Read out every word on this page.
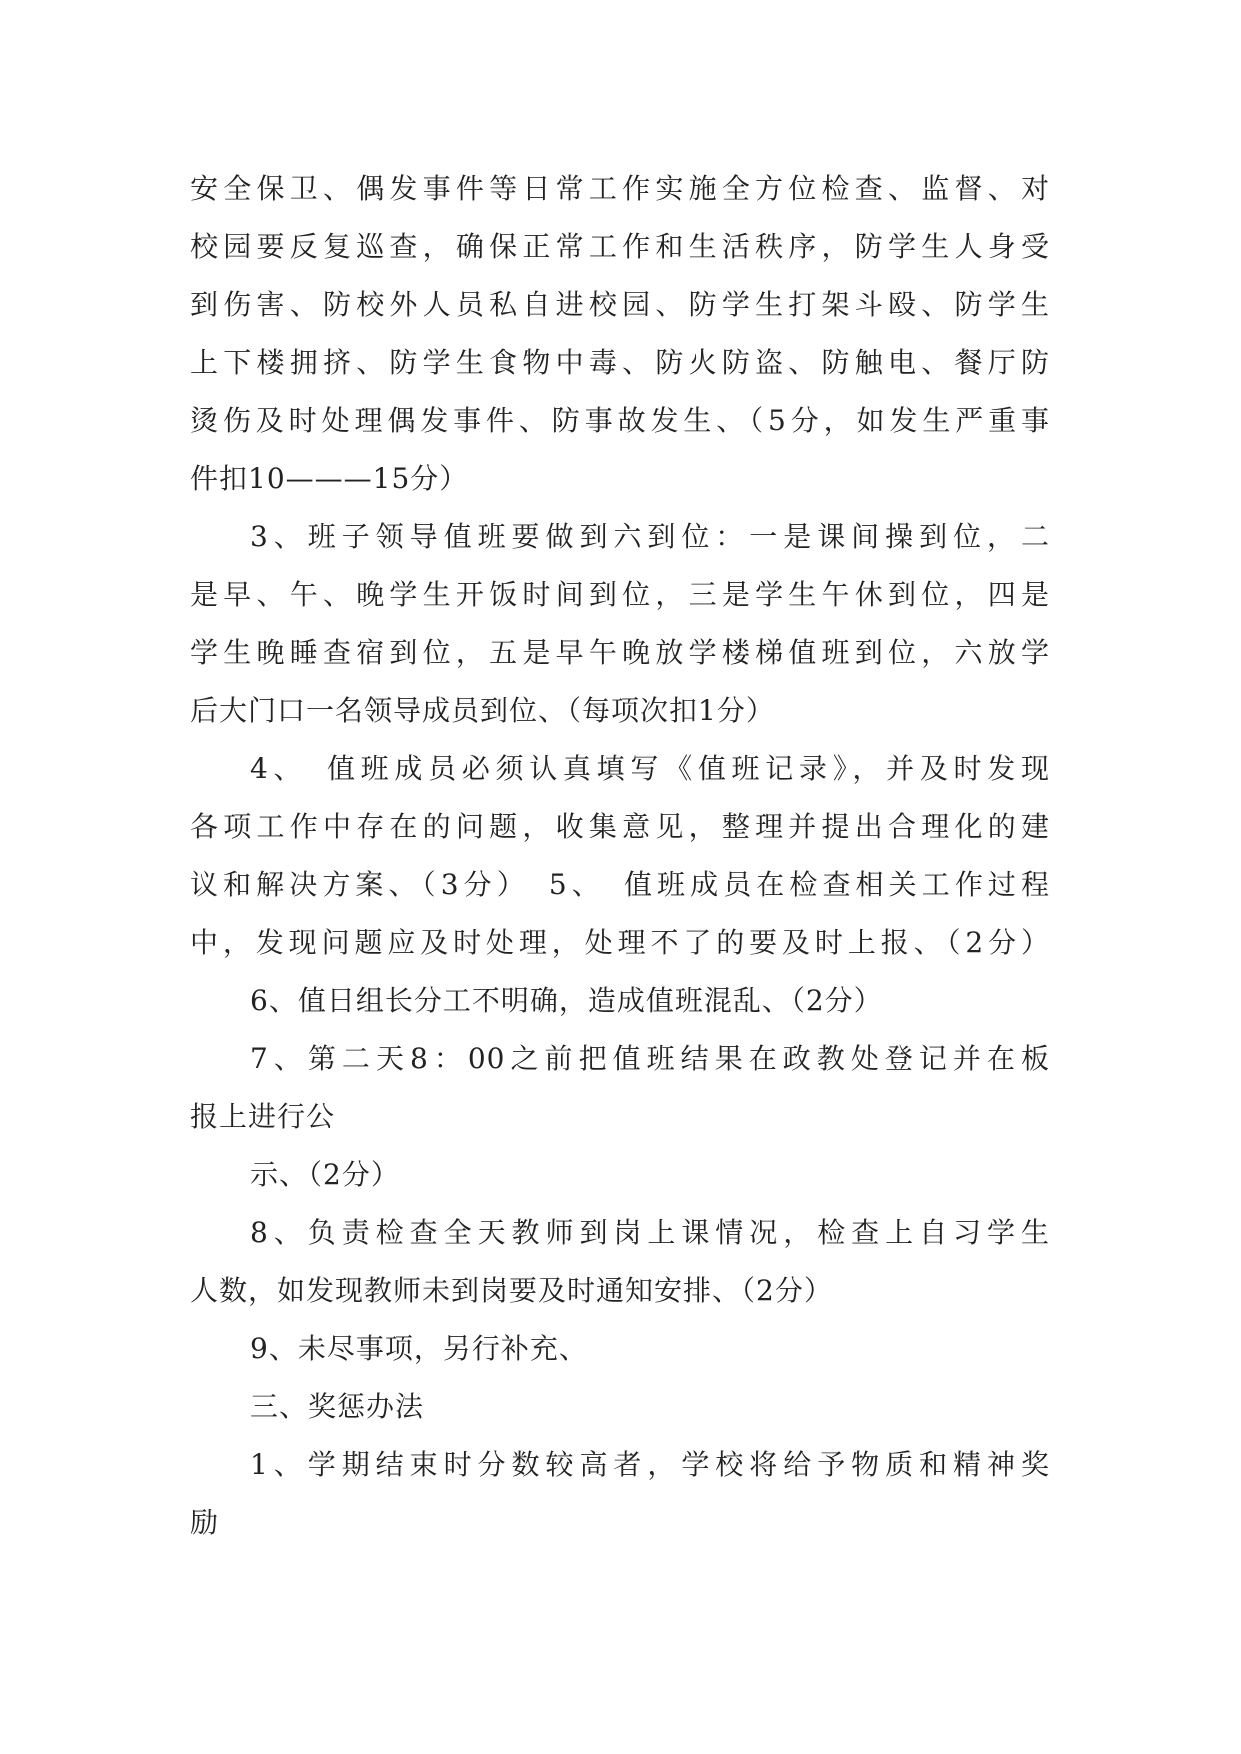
安全保卫、偶发事件等日常工作实施全方位检查、监督、对
校园要反复巡查，确保正常工作和生活秩序，防学生人身受
到伤害、防校外人员私自进校园、防学生打架斗殴、防学生
上下楼拥挤、防学生食物中毒、防火防盗、防触电、餐厅防
烫伤及时处理偶发事件、防事故发生、（5分，如发生严重事
件扣10———15分）
3、班子领导值班要做到六到位：一是课间操到位，二
是早、午、晚学生开饭时间到位，三是学生午休到位，四是
学生晚睡查宿到位，五是早午晚放学楼梯值班到位，六放学
后大门口一名领导成员到位、（每项次扣1分）
4、　值班成员必须认真填写《值班记录》，并及时发现
各项工作中存在的问题，收集意见，整理并提出合理化的建
议和解决方案、（3分）　5、　值班成员在检查相关工作过程
中，发现问题应及时处理，处理不了的要及时上报、（2分）
6、值日组长分工不明确，造成值班混乱、（2分）
7、第二天8：00之前把值班结果在政教处登记并在板
报上进行公
示、（2分）
8、负责检查全天教师到岗上课情况，检查上自习学生
人数，如发现教师未到岗要及时通知安排、（2分）
9、未尽事项，另行补充、
三、奖惩办法
1、学期结束时分数较高者，学校将给予物质和精神奖
励
